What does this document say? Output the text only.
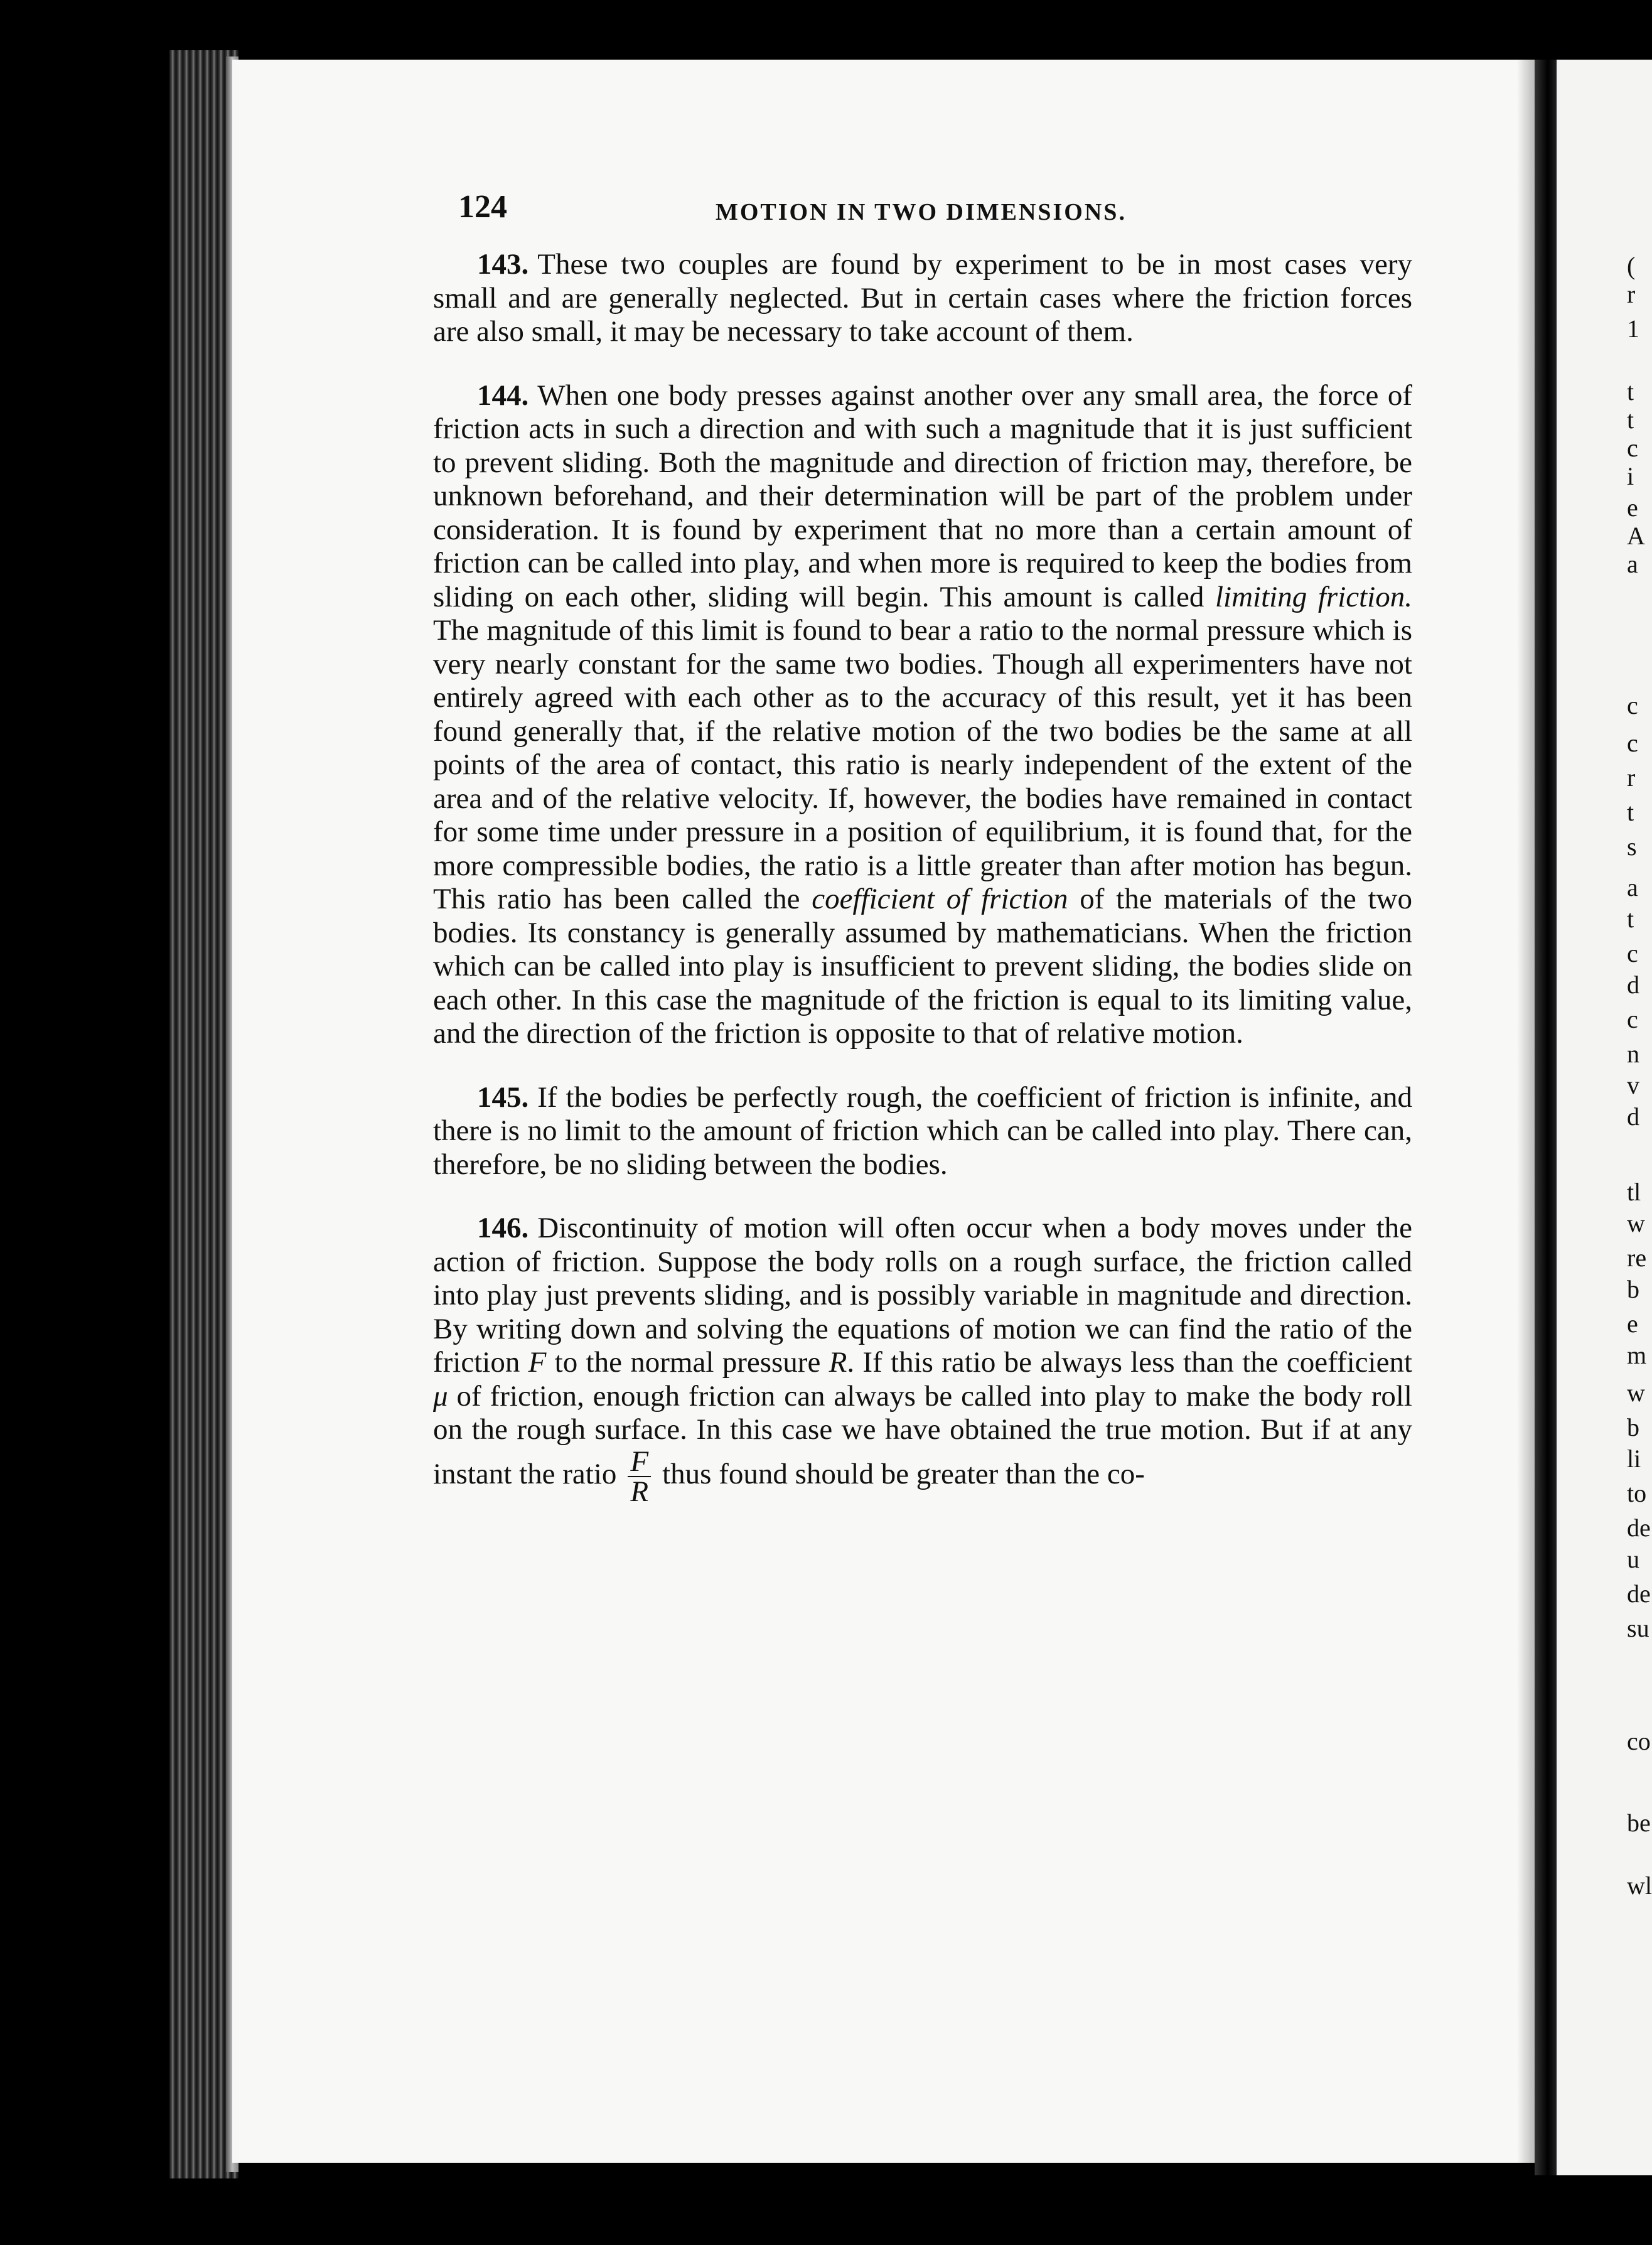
(
r
1
t
t
c
i
e
A
a
c
c
r
t
s
a
t
c
d
c
n
v
d
tl
w
re
b
e
m
w
b
li
to
de
u
de
su
co
be
wl
124	MOTION IN TWO DIMENSIONS.

143. These two couples are found by experiment to be in most cases very small and are generally neglected. But in certain cases where the friction forces are also small, it may be necessary to take account of them.

144. When one body presses against another over any small area, the force of friction acts in such a direction and with such a magnitude that it is just sufficient to prevent sliding. Both the magnitude and direction of friction may, therefore, be unknown beforehand, and their determination will be part of the problem under consideration. It is found by experiment that no more than a certain amount of friction can be called into play, and when more is required to keep the bodies from sliding on each other, sliding will begin. This amount is called limiting friction. The magnitude of this limit is found to bear a ratio to the normal pressure which is very nearly constant for the same two bodies. Though all experimenters have not entirely agreed with each other as to the accuracy of this result, yet it has been found generally that, if the relative motion of the two bodies be the same at all points of the area of contact, this ratio is nearly independent of the extent of the area and of the relative velocity. If, however, the bodies have remained in contact for some time under pressure in a position of equilibrium, it is found that, for the more compressible bodies, the ratio is a little greater than after motion has begun. This ratio has been called the coefficient of friction of the materials of the two bodies. Its constancy is generally assumed by mathematicians. When the friction which can be called into play is insufficient to prevent sliding, the bodies slide on each other. In this case the magnitude of the friction is equal to its limiting value, and the direction of the friction is opposite to that of relative motion.

145. If the bodies be perfectly rough, the coefficient of friction is infinite, and there is no limit to the amount of friction which can be called into play. There can, therefore, be no sliding between the bodies.

146. Discontinuity of motion will often occur when a body moves under the action of friction. Suppose the body rolls on a rough surface, the friction called into play just prevents sliding, and is possibly variable in magnitude and direction. By writing down and solving the equations of motion we can find the ratio of the friction F to the normal pressure R. If this ratio be always less than the coefficient μ of friction, enough friction can always be called into play to make the body roll on the rough surface. In this case we have obtained the true motion. But if at any instant the ratio $\frac{F}{R}$ thus found should be greater than the co-
